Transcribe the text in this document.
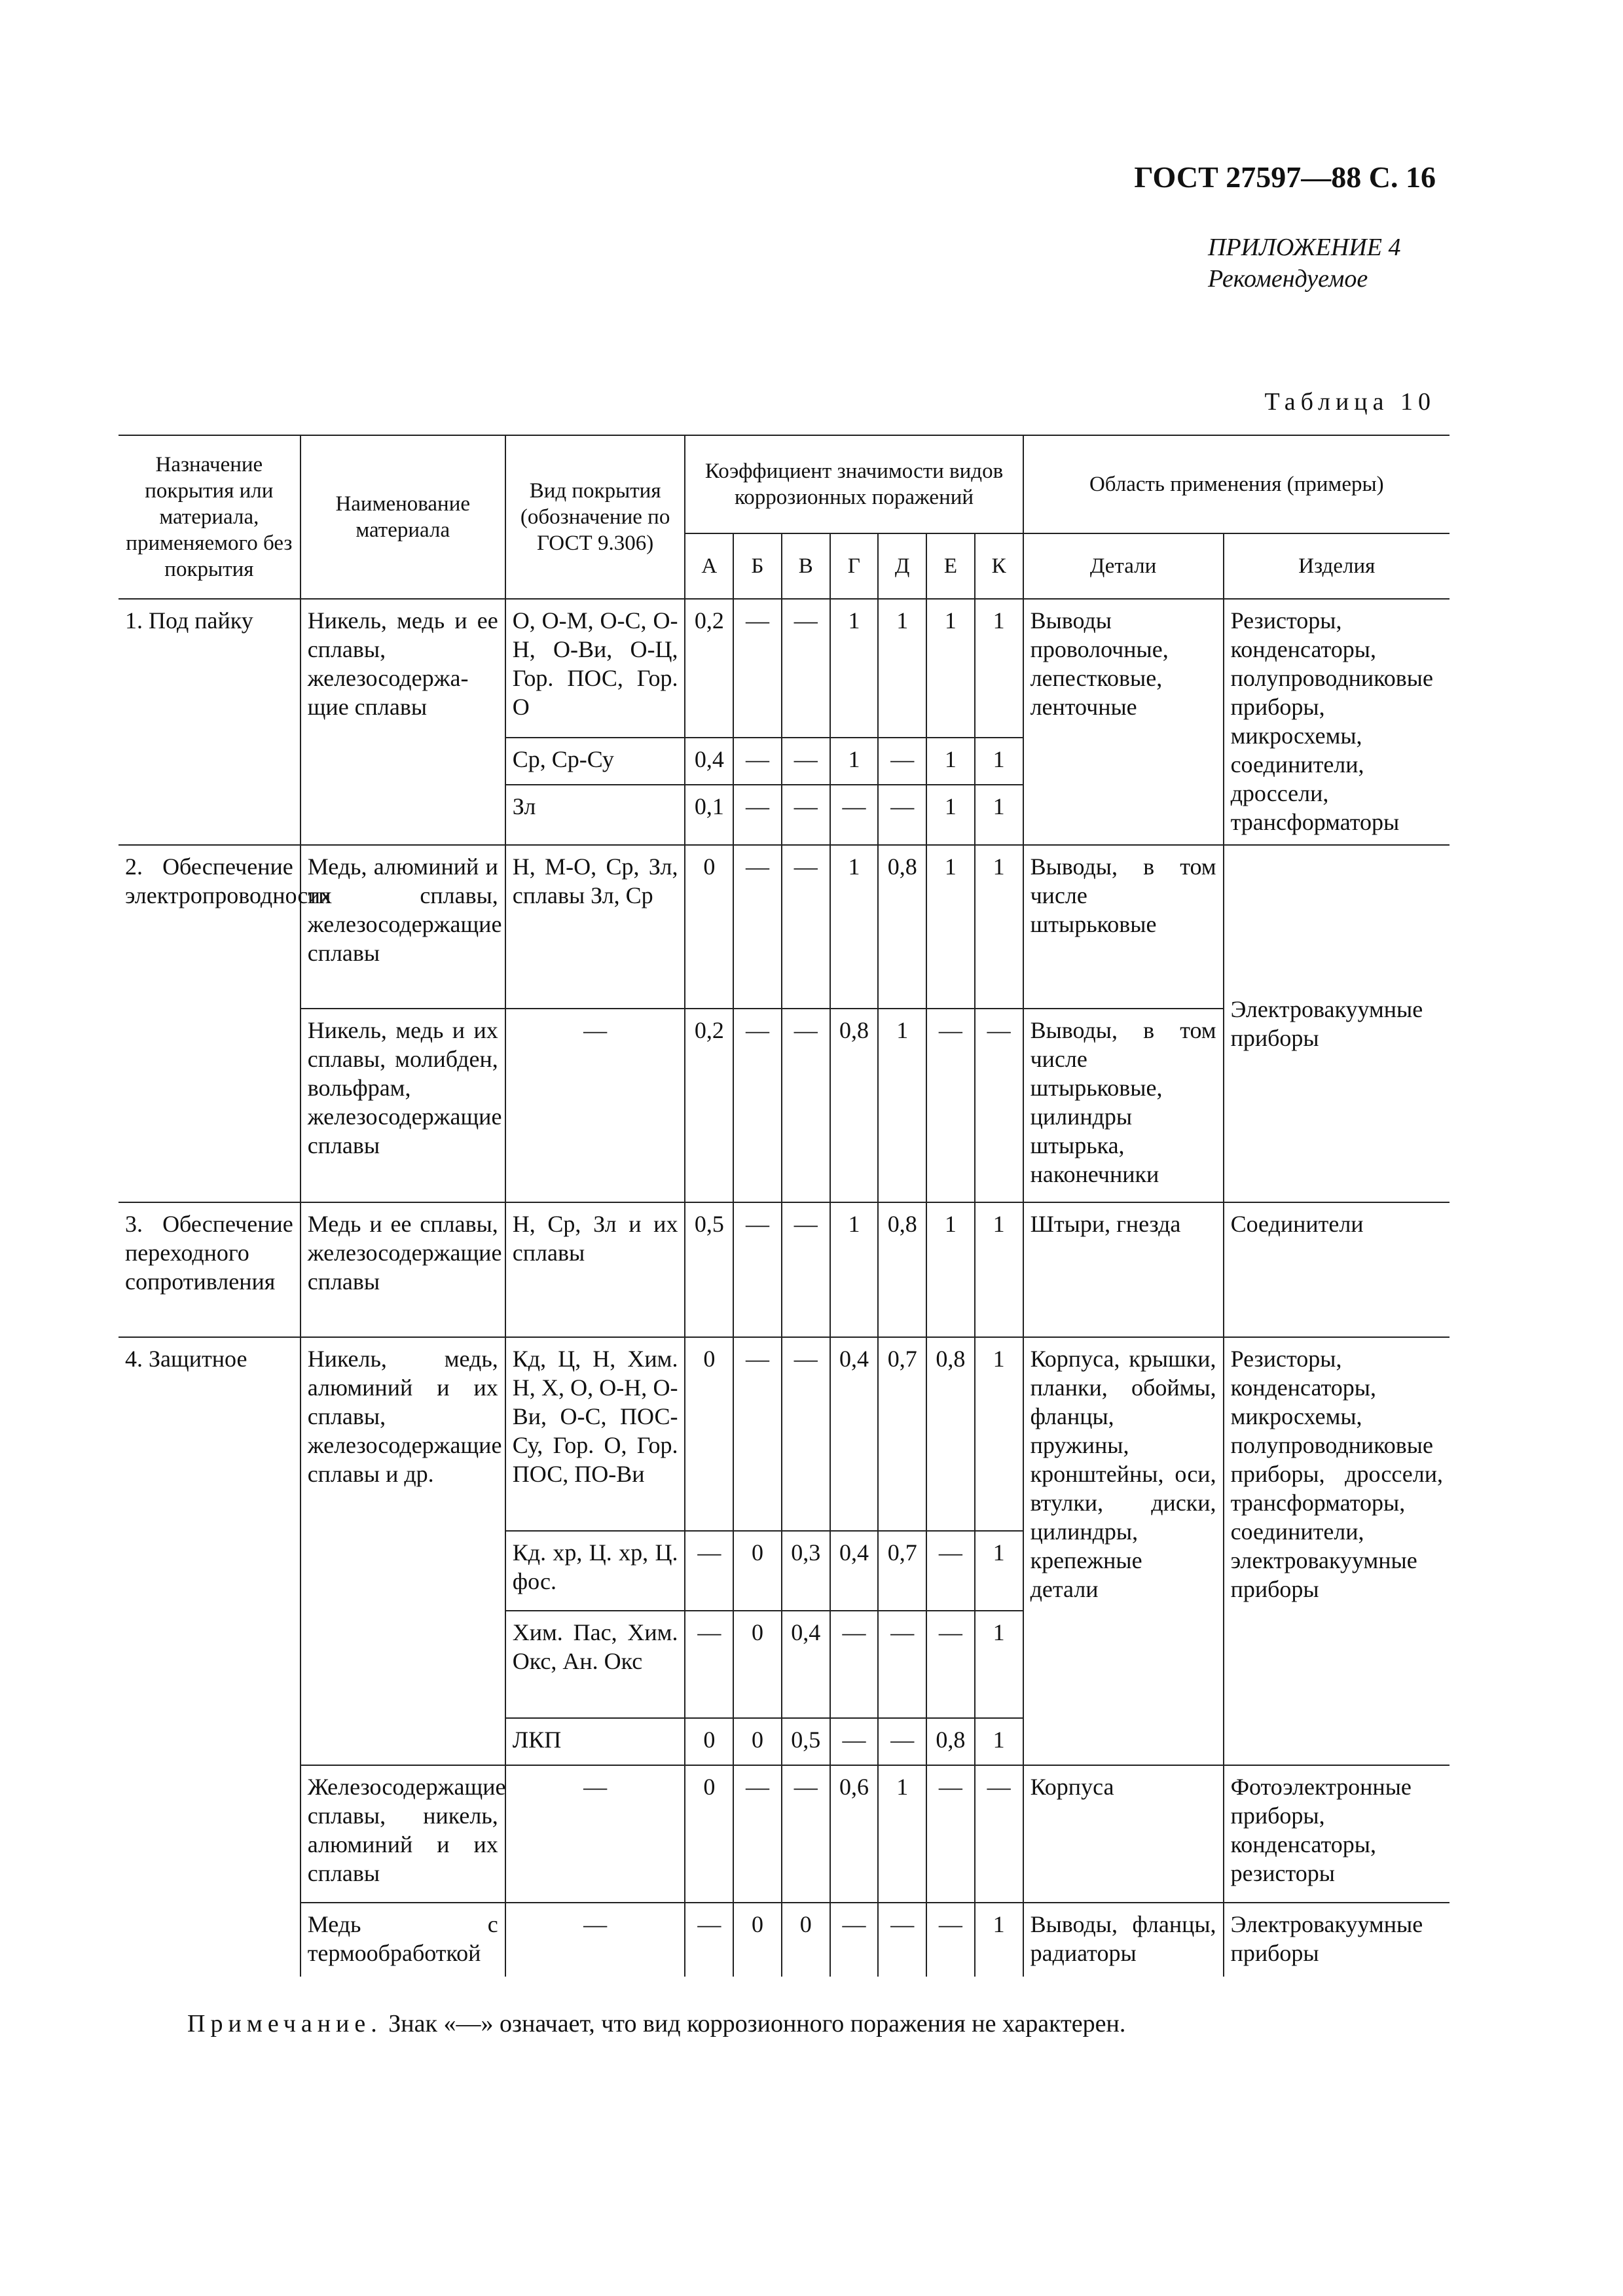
ГОСТ 27597—88 С. 16
ПРИЛОЖЕНИЕ 4
Рекомендуемое
Таблица 10
Назначение покрытия или материала, применяемого без покрытия	Наименование материала	Вид покрытия (обозначение по ГОСТ 9.306)	Коэффициент значимости видов коррозионных поражений							Область применения (примеры)	
			А	Б	В	Г	Д	Е	К	Детали	Изделия
1. Под пайку	Никель, медь и ее сплавы, железосодержа-щие сплавы	О, О-М, О-С, О-Н, О-Ви, О-Ц, Гор. ПОС, Гор. О	0,2	—	—	1	1	1	1	Выводы проволочные, лепестковые, ленточные	Резисторы, конденсаторы, полупроводниковые приборы, микросхемы, соединители, дроссели, трансформаторы
		Ср, Ср-Су	0,4	—	—	1	—	1	1		
		Зл	0,1	—	—	—	—	1	1		
2. Обеспечение электропроводности	Медь, алюминий и их сплавы, железосодержащие сплавы	Н, М-О, Ср, Зл, сплавы Зл, Ср	0	—	—	1	0,8	1	1	Выводы, в том числе штырьковые	Электровакуумные приборы
	Никель, медь и их сплавы, молибден, вольфрам, железосодержащие сплавы	—	0,2	—	—	0,8	1	—	—	Выводы, в том числе штырьковые, цилиндры штырька, наконечники	
3. Обеспечение переходного сопротивления	Медь и ее сплавы, железосодержащие сплавы	Н, Ср, Зл и их сплавы	0,5	—	—	1	0,8	1	1	Штыри, гнезда	Соединители
4. Защитное	Никель, медь, алюминий и их сплавы, железосодержащие сплавы и др.	Кд, Ц, Н, Хим. Н, Х, О, О-Н, О-Ви, О-С, ПОС-Су, Гор. О, Гор. ПОС, ПО-Ви	0	—	—	0,4	0,7	0,8	1	Корпуса, крышки, планки, обоймы, фланцы, пружины, кронштейны, оси, втулки, диски, цилиндры, крепежные детали	Резисторы, конденсаторы, микросхемы, полупроводниковые приборы, дроссели, трансформаторы, соединители, электровакуумные приборы
		Кд. хр, Ц. хр, Ц. фос.	—	0	0,3	0,4	0,7	—	1		
		Хим. Пас, Хим. Окс, Ан. Окс	—	0	0,4	—	—	—	1		
		ЛКП	0	0	0,5	—	—	0,8	1		
	Железосодержащие сплавы, никель, алюминий и их сплавы	—	0	—	—	0,6	1	—	—	Корпуса	Фотоэлектронные приборы, конденсаторы, резисторы
	Медь с термообработкой	—	—	0	0	—	—	—	1	Выводы, фланцы, радиаторы	Электровакуумные приборы
Примечание. Знак «—» означает, что вид коррозионного поражения не характерен.
